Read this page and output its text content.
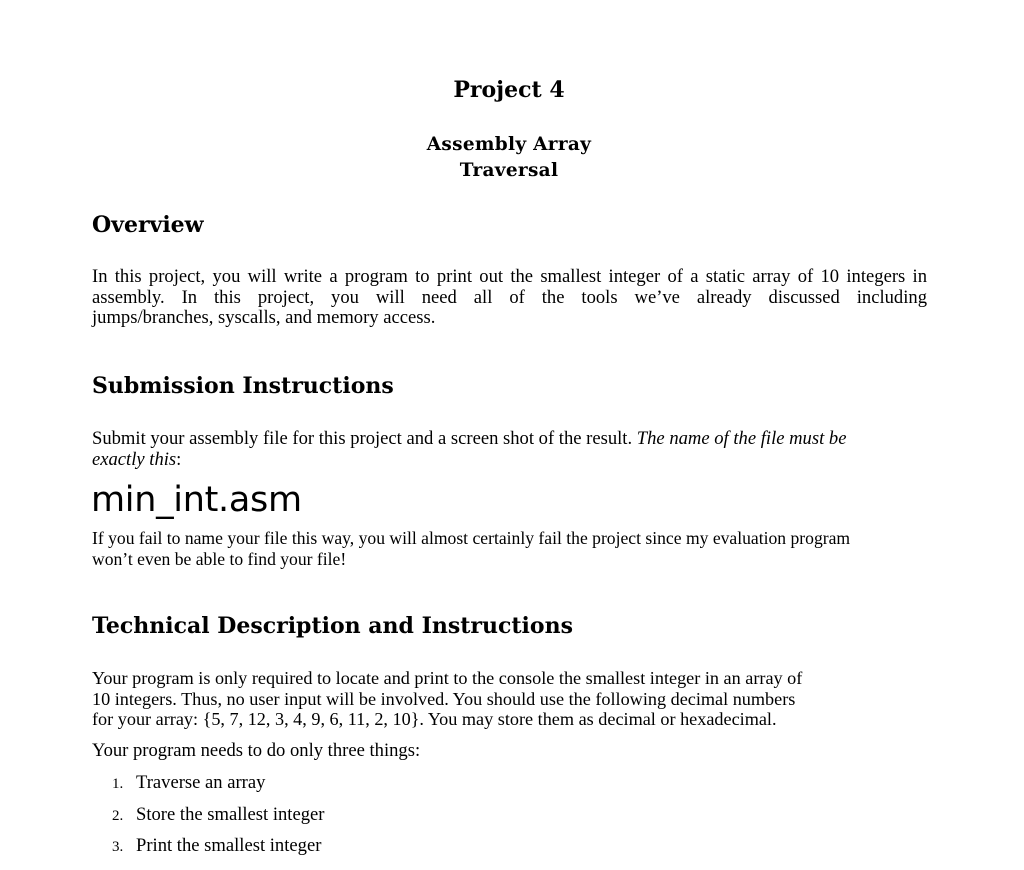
Project 4
Assembly Array
Traversal
Overview
In this project, you will write a program to print out the smallest integer of a static array of 10 integers in
assembly. In this project, you will need all of the tools we’ve already discussed including
jumps/branches, syscalls, and memory access.
Submission Instructions
Submit your assembly file for this project and a screen shot of the result. The name of the file must be
exactly this:
min_int.asm
If you fail to name your file this way, you will almost certainly fail the project since my evaluation program
won’t even be able to find your file!
Technical Description and Instructions
Your program is only required to locate and print to the console the smallest integer in an array of
10 integers. Thus, no user input will be involved. You should use the following decimal numbers
for your array: {5, 7, 12, 3, 4, 9, 6, 11, 2, 10}. You may store them as decimal or hexadecimal.
Your program needs to do only three things:
1. Traverse an array
2. Store the smallest integer
3. Print the smallest integer
